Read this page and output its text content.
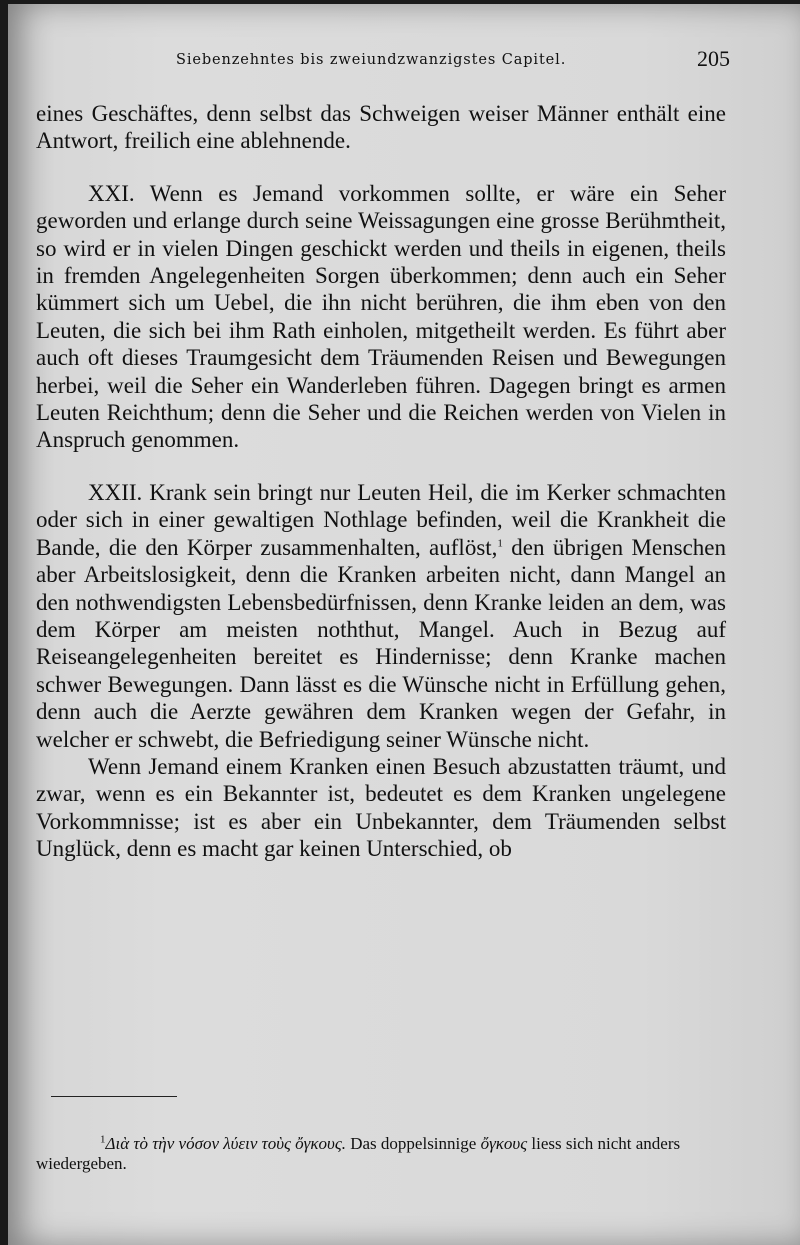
Siebenzehntes bis zweiundzwanzigstes Capitel.	205

eines Geschäftes, denn selbst das Schweigen weiser Männer enthält eine Antwort, freilich eine ablehnende.

XXI. Wenn es Jemand vorkommen sollte, er wäre ein Seher geworden und erlange durch seine Weissagungen eine grosse Berühmtheit, so wird er in vielen Dingen geschickt werden und theils in eigenen, theils in fremden Angelegenheiten Sorgen überkommen; denn auch ein Seher kümmert sich um Uebel, die ihn nicht berühren, die ihm eben von den Leuten, die sich bei ihm Rath einholen, mitgetheilt werden. Es führt aber auch oft dieses Traumgesicht dem Träumenden Reisen und Bewegungen herbei, weil die Seher ein Wanderleben führen. Dagegen bringt es armen Leuten Reichthum; denn die Seher und die Reichen werden von Vielen in Anspruch genommen.

XXII. Krank sein bringt nur Leuten Heil, die im Kerker schmachten oder sich in einer gewaltigen Nothlage befinden, weil die Krankheit die Bande, die den Körper zusammenhalten, auflöst,$^1$ den übrigen Menschen aber Arbeitslosigkeit, denn die Kranken arbeiten nicht, dann Mangel an den nothwendigsten Lebensbedürfnissen, denn Kranke leiden an dem, was dem Körper am meisten noththut, Mangel. Auch in Bezug auf Reiseangelegenheiten bereitet es Hindernisse; denn Kranke machen schwer Bewegungen. Dann lässt es die Wünsche nicht in Erfüllung gehen, denn auch die Aerzte gewähren dem Kranken wegen der Gefahr, in welcher er schwebt, die Befriedigung seiner Wünsche nicht.

Wenn Jemand einem Kranken einen Besuch abzustatten träumt, und zwar, wenn es ein Bekannter ist, bedeutet es dem Kranken ungelegene Vorkommnisse; ist es aber ein Unbekannter, dem Träumenden selbst Unglück, denn es macht gar keinen Unterschied, ob

$^1$Διὰ τὸ τὴν νόσον λύειν τοὺς ὄγκους. Das doppelsinnige ὄγκους liess sich nicht anders wiedergeben.
